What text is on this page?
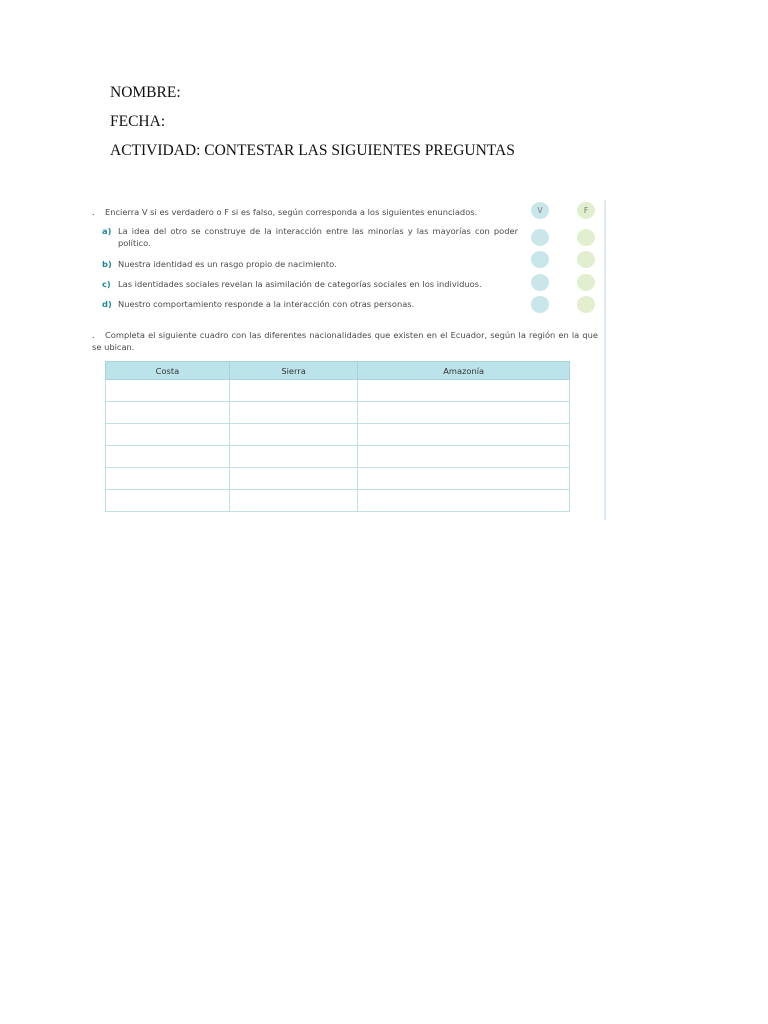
NOMBRE:
FECHA:
ACTIVIDAD: CONTESTAR LAS SIGUIENTES PREGUNTAS
. Encierra V si es verdadero o F si es falso, según corresponda a los siguientes enunciados.	V	F
a) La idea del otro se construye de la interacción entre las minorías y las mayorías con poder político.
b) Nuestra identidad es un rasgo propio de nacimiento.
c) Las identidades sociales revelan la asimilación de categorías sociales en los individuos.
d) Nuestro comportamiento responde a la interacción con otras personas.
. Completa el siguiente cuadro con las diferentes nacionalidades que existen en el Ecuador, según la región en la que se ubican.
Costa	Sierra	Amazonía
